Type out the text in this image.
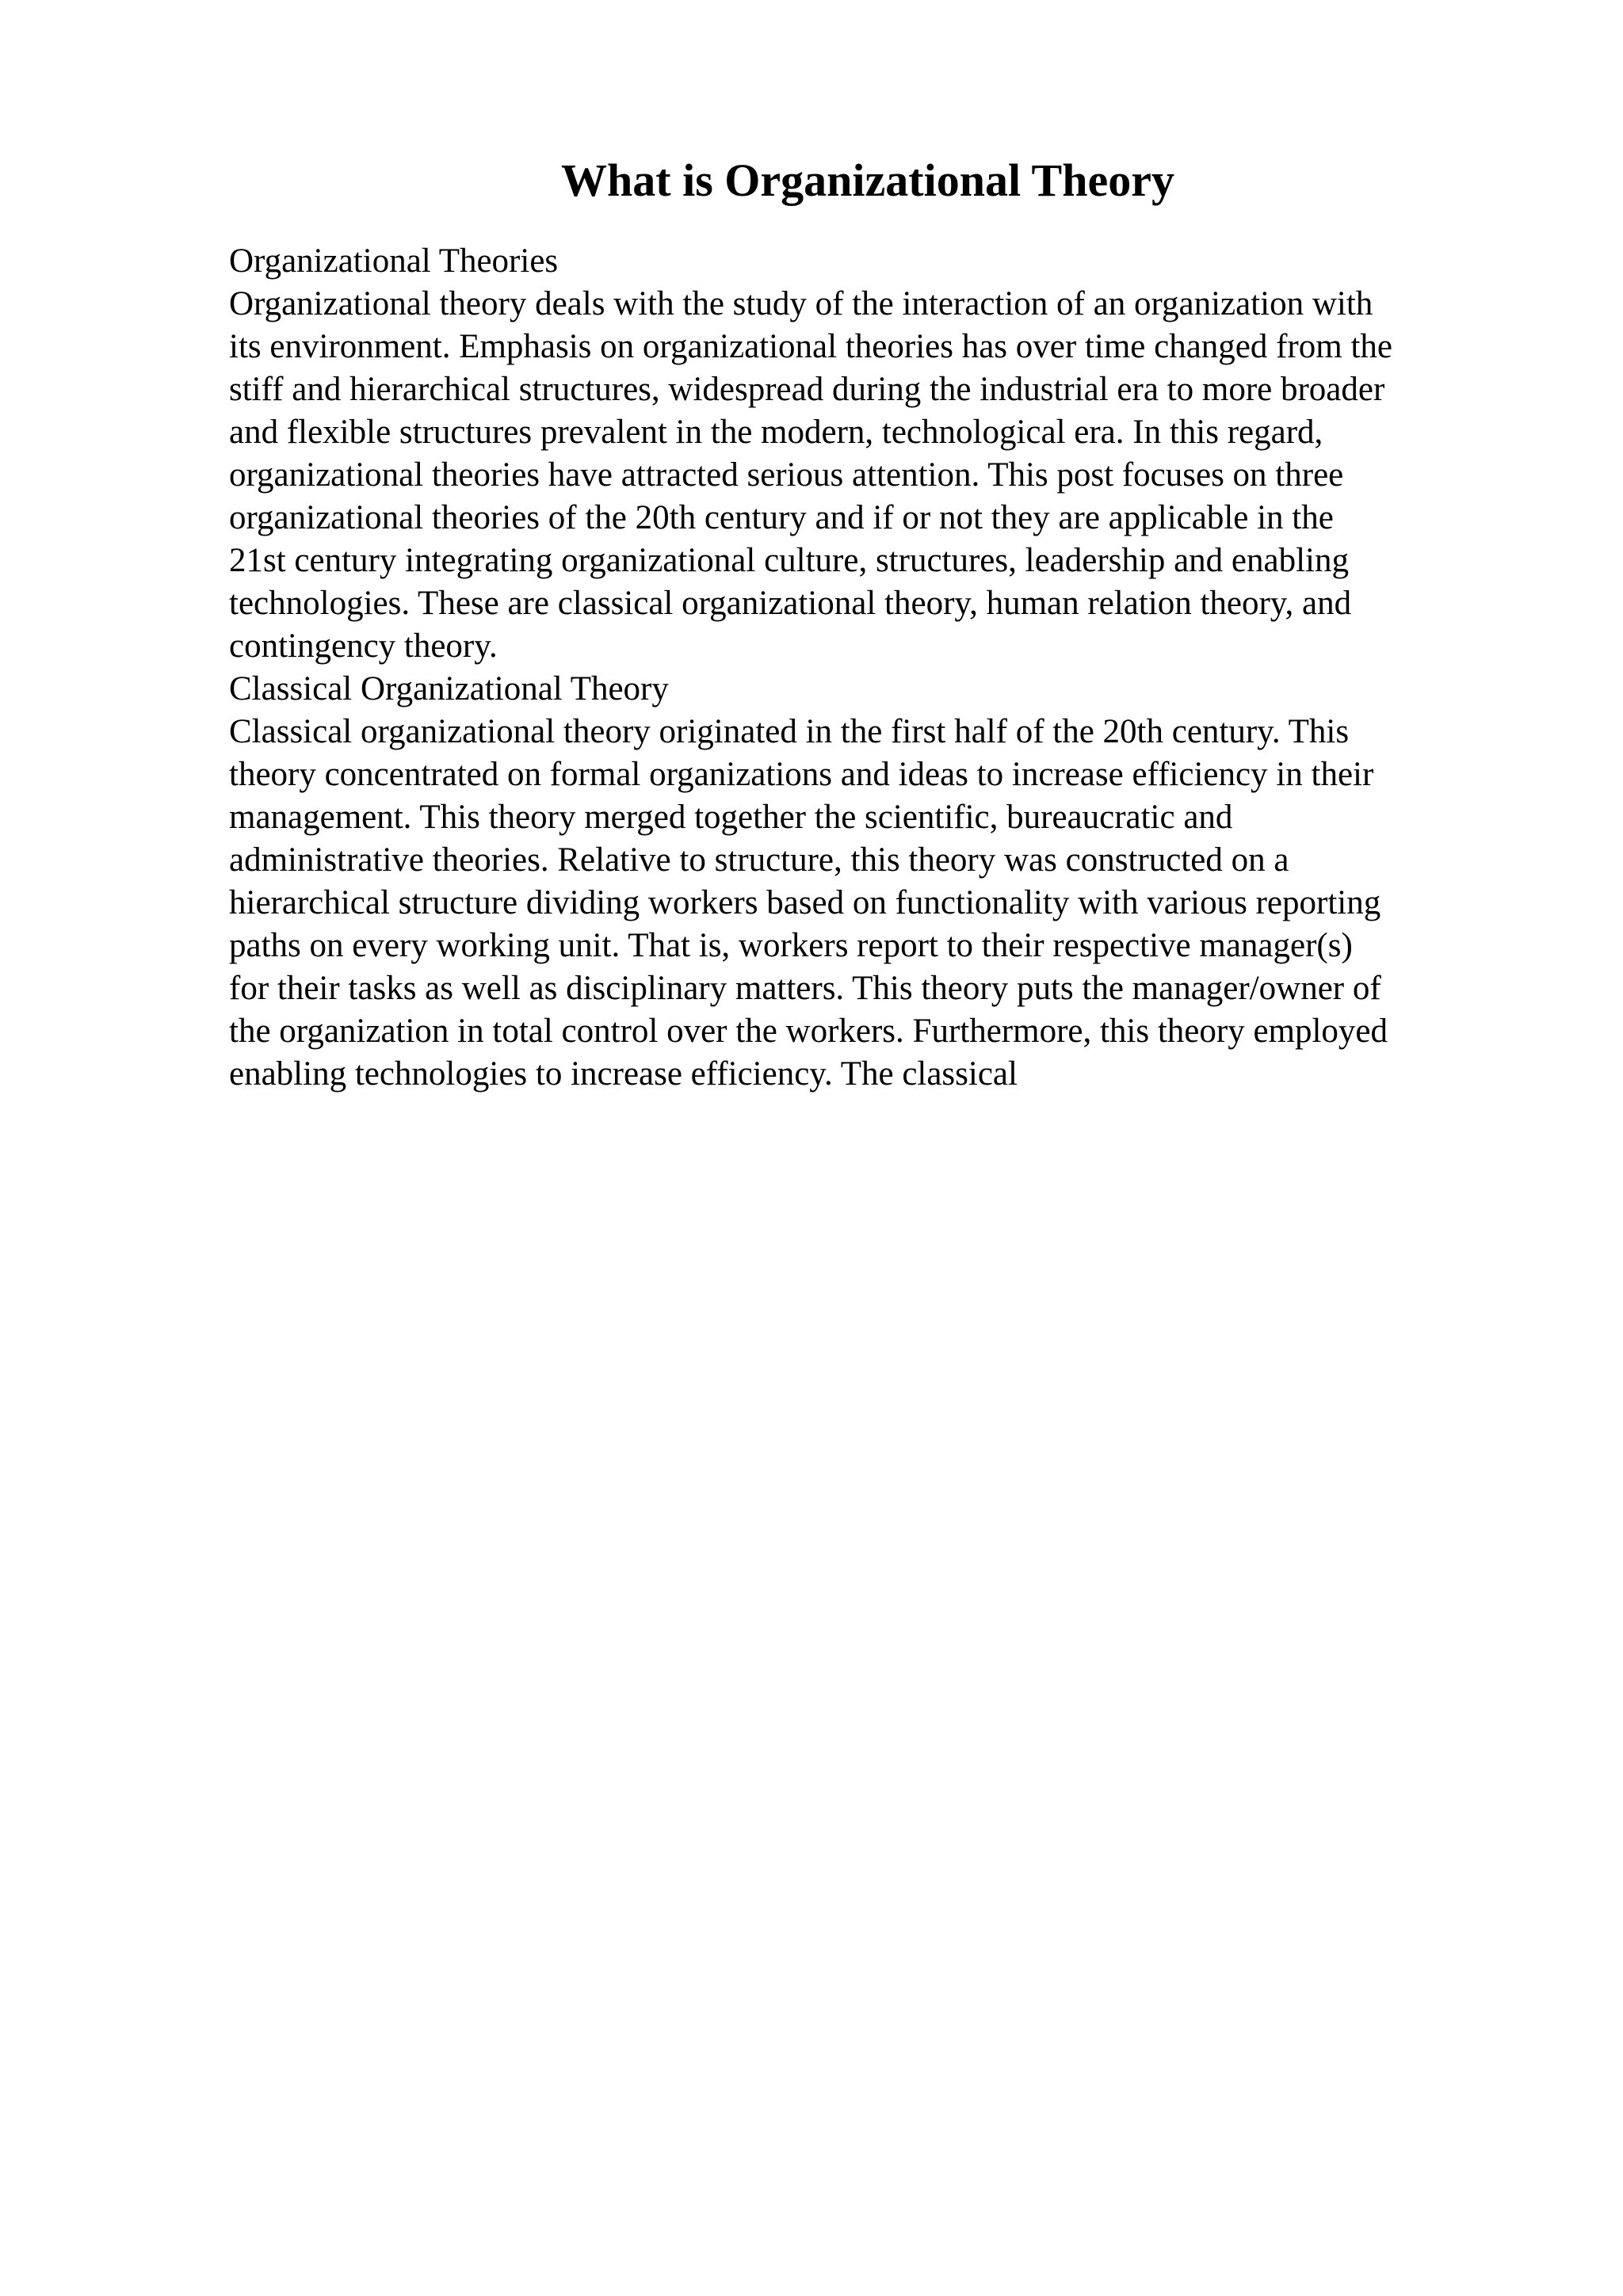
What is Organizational Theory
Organizational Theories
Organizational theory deals with the study of the interaction of an organization with
its environment. Emphasis on organizational theories has over time changed from the
stiff and hierarchical structures, widespread during the industrial era to more broader
and flexible structures prevalent in the modern, technological era. In this regard,
organizational theories have attracted serious attention. This post focuses on three
organizational theories of the 20th century and if or not they are applicable in the
21st century integrating organizational culture, structures, leadership and enabling
technologies. These are classical organizational theory, human relation theory, and
contingency theory.
Classical Organizational Theory
Classical organizational theory originated in the first half of the 20th century. This
theory concentrated on formal organizations and ideas to increase efficiency in their
management. This theory merged together the scientific, bureaucratic and
administrative theories. Relative to structure, this theory was constructed on a
hierarchical structure dividing workers based on functionality with various reporting
paths on every working unit. That is, workers report to their respective manager(s)
for their tasks as well as disciplinary matters. This theory puts the manager/owner of
the organization in total control over the workers. Furthermore, this theory employed
enabling technologies to increase efficiency. The classical
